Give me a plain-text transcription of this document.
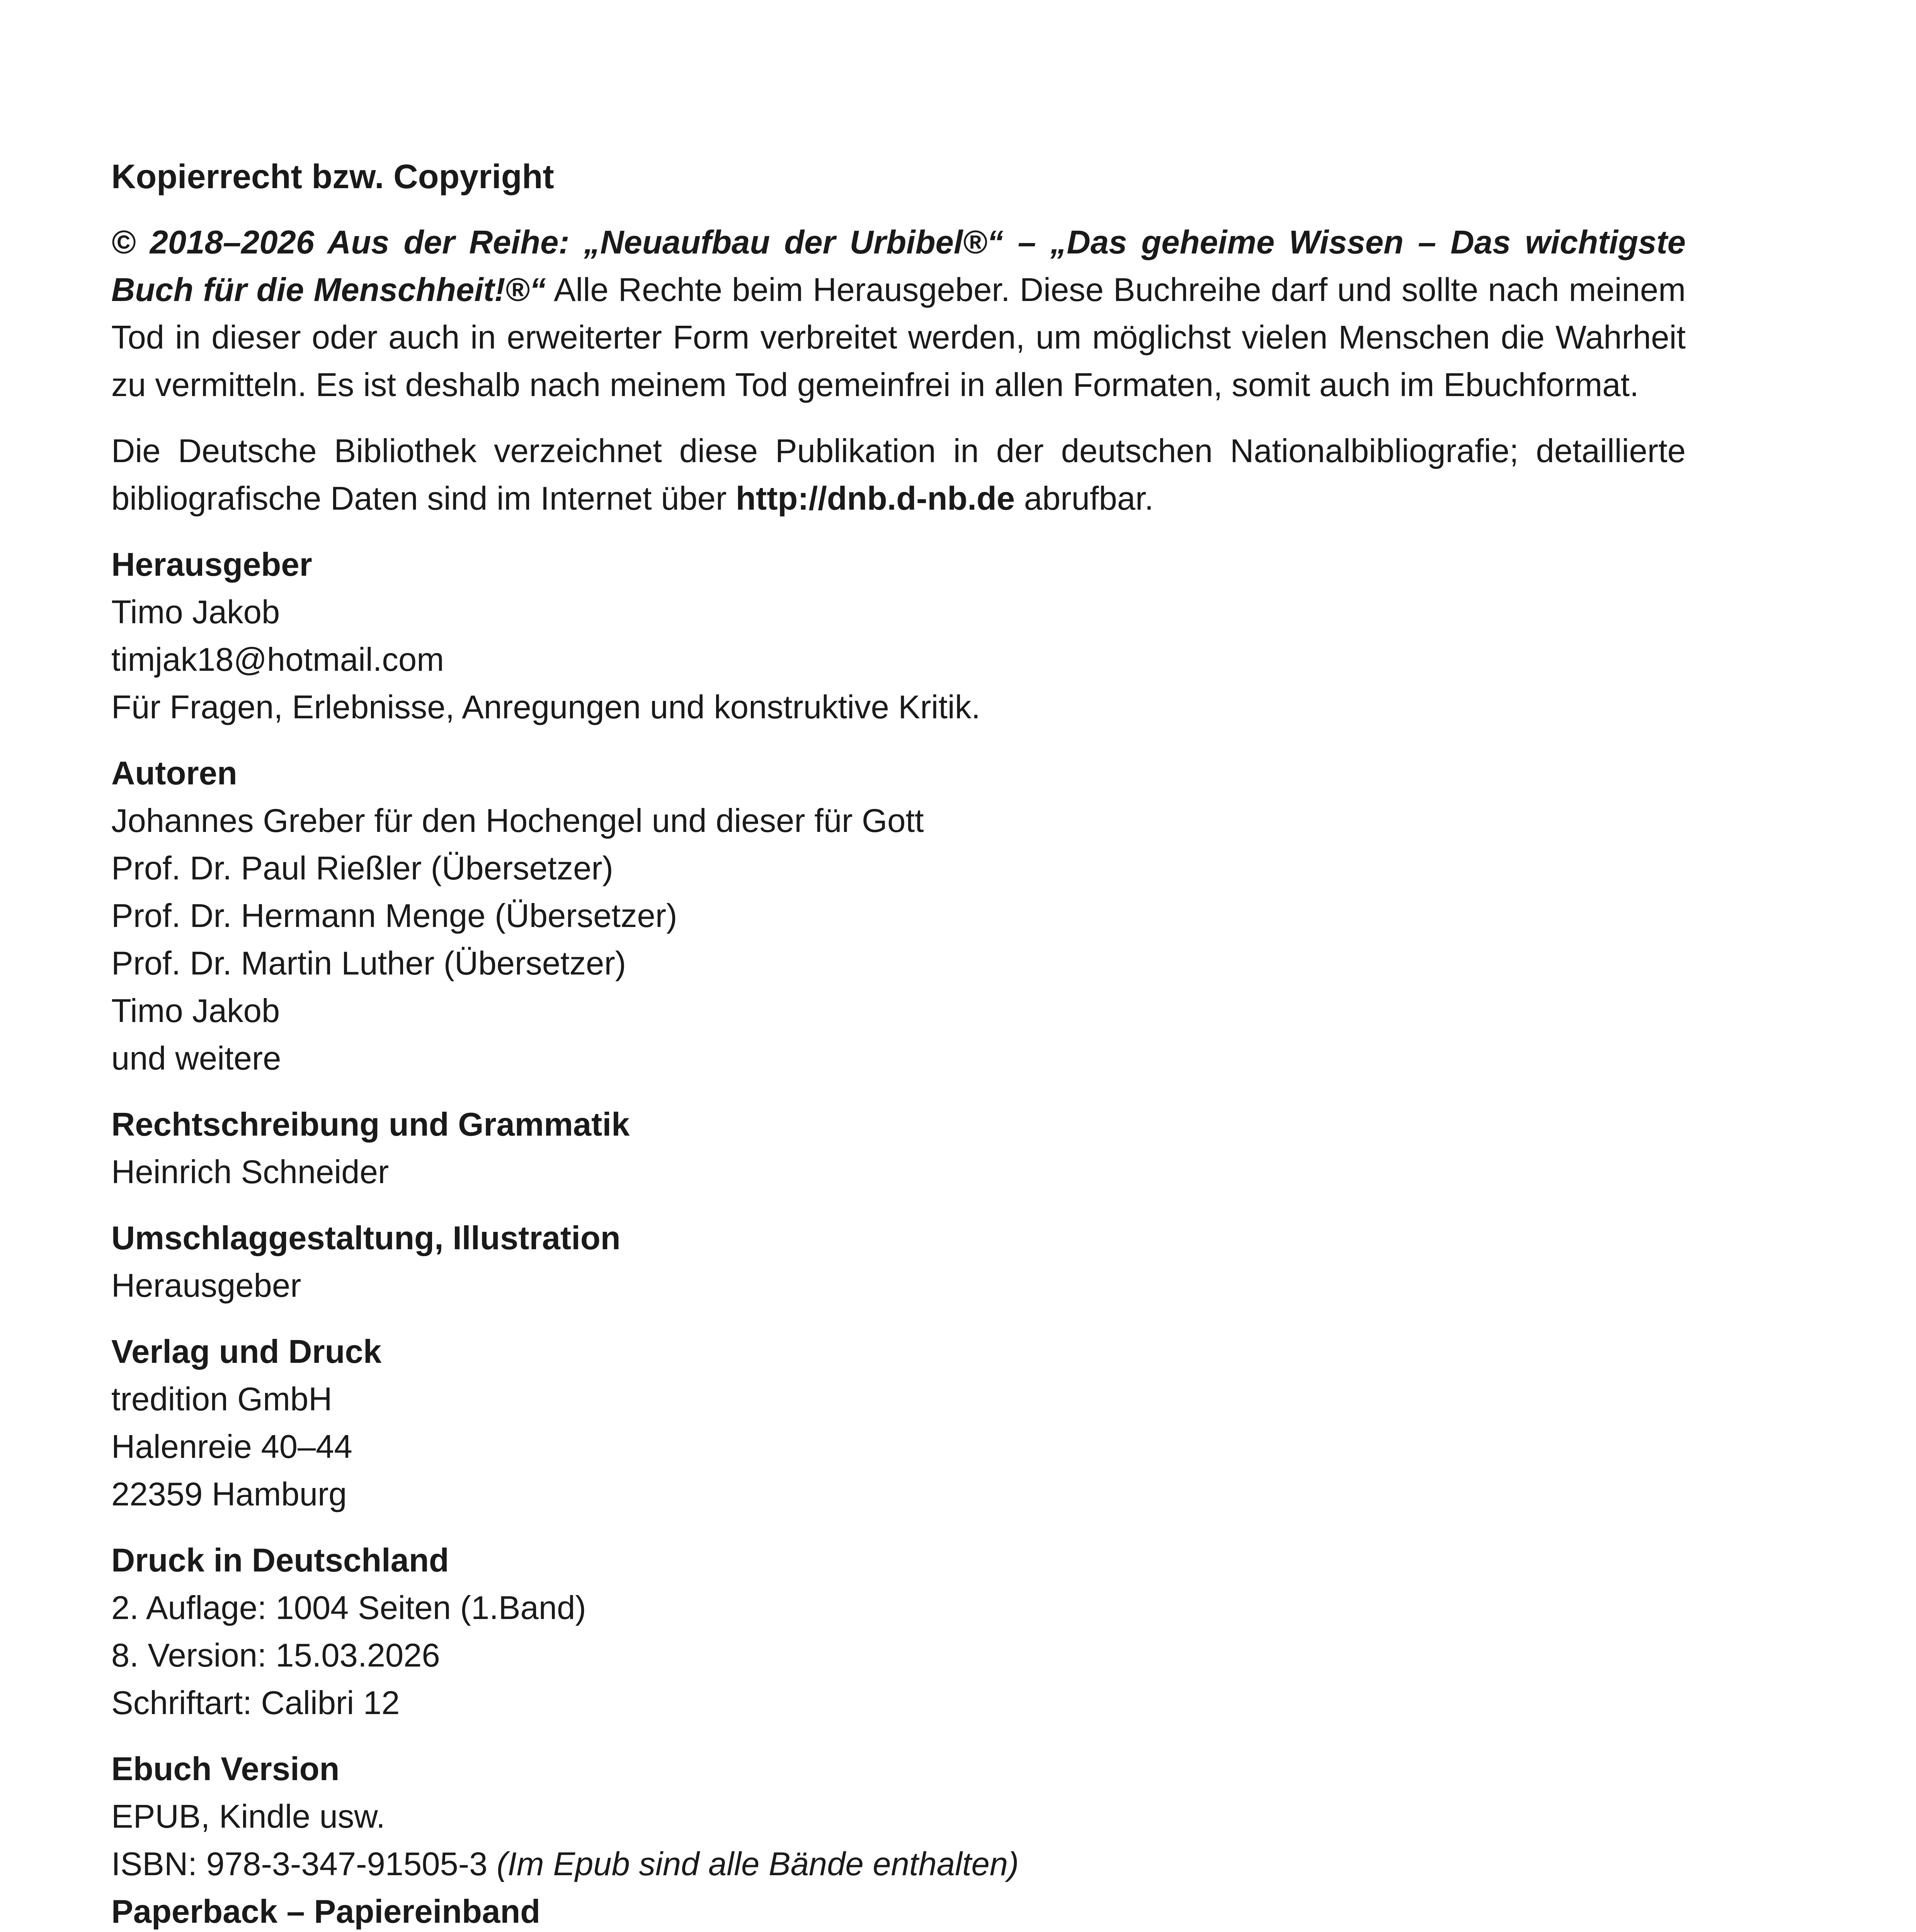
Kopierrecht bzw. Copyright

© 2018–2026 Aus der Reihe: „Neuaufbau der Urbibel®“ – „Das geheime Wissen – Das wichtigste Buch für die Menschheit!®“ Alle Rechte beim Herausgeber. Diese Buchreihe darf und sollte nach meinem Tod in dieser oder auch in erweiterter Form verbreitet werden, um möglichst vielen Menschen die Wahrheit zu vermitteln. Es ist deshalb nach meinem Tod gemeinfrei in allen Formaten, somit auch im Ebuchformat.

Die Deutsche Bibliothek verzeichnet diese Publikation in der deutschen Nationalbibliografie; detaillierte bibliografische Daten sind im Internet über http://dnb.d-nb.de abrufbar.

Herausgeber
Timo Jakob
timjak18@hotmail.com
Für Fragen, Erlebnisse, Anregungen und konstruktive Kritik.
Autoren
Johannes Greber für den Hochengel und dieser für Gott
Prof. Dr. Paul Rießler (Übersetzer)
Prof. Dr. Hermann Menge (Übersetzer)
Prof. Dr. Martin Luther (Übersetzer)
Timo Jakob
und weitere
Rechtschreibung und Grammatik
Heinrich Schneider
Umschlaggestaltung, Illustration
Herausgeber
Verlag und Druck
tredition GmbH
Halenreie 40–44
22359 Hamburg
Druck in Deutschland
2. Auflage: 1004 Seiten (1.Band)
8. Version: 15.03.2026
Schriftart: Calibri 12
Ebuch Version
EPUB, Kindle usw.
ISBN: 978-3-347-91505-3 (Im Epub sind alle Bände enthalten)
Paperback – Papiereinband
